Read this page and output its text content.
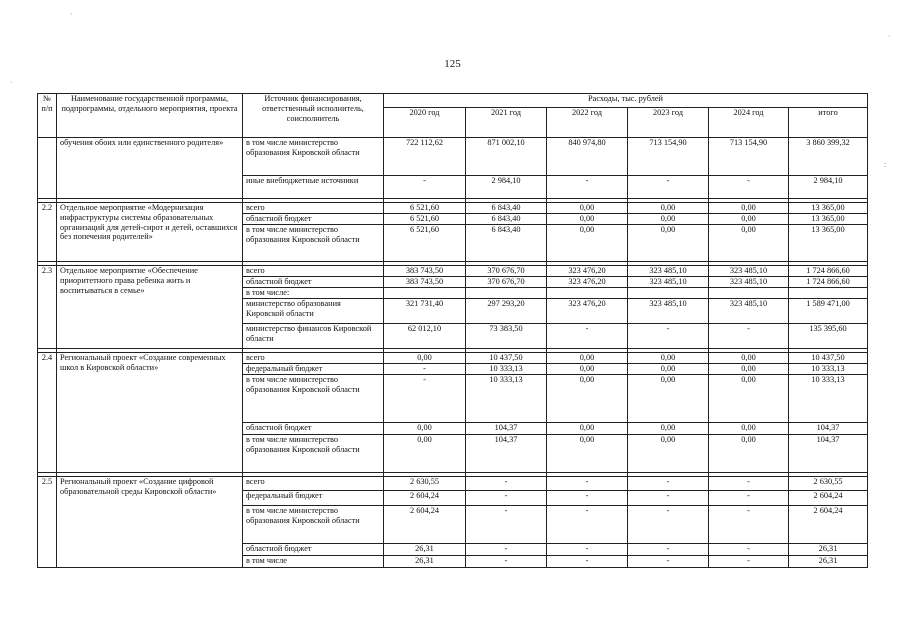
125
№
п/п	Наименование государственной программы, подпрограммы, отдельного мероприятия, проекта	Источник финансирования, ответственный исполнитель, соисполнитель	Расходы, тыс. рублей					
			2020 год	2021 год	2022 год	2023 год	2024 год	итого
	обучения обоих или единственного родителя»	в том числе министерство образования Кировской области	722 112,62	871 002,10	840 974,80	713 154,90	713 154,90	3 860 399,32
		иные внебюджетные источники	-	2 984,10	-	-	-	2 984,10

2.2	Отдельное мероприятие «Модернизация инфраструктуры системы образовательных организаций для детей-сирот и детей, оставшихся без попечения родителей»	всего	6 521,60	6 843,40	0,00	0,00	0,00	13 365,00
		областной бюджет	6 521,60	6 843,40	0,00	0,00	0,00	13 365,00
		в том числе министерство образования Кировской области	6 521,60	6 843,40	0,00	0,00	0,00	13 365,00

2.3	Отдельное мероприятие «Обеспечение приоритетного права ребенка жить и воспитываться в семье»	всего	383 743,50	370 676,70	323 476,20	323 485,10	323 485,10	1 724 866,60
		областной бюджет	383 743,50	370 676,70	323 476,20	323 485,10	323 485,10	1 724 866,60
		в том числе:						
		министерство образования Кировской области	321 731,40	297 293,20	323 476,20	323 485,10	323 485,10	1 589 471,00
		министерство финансов Кировской области	62 012,10	73 383,50	-	-	-	135 395,60

2.4	Региональный проект «Создание современных школ в Кировской области»	всего	0,00	10 437,50	0,00	0,00	0,00	10 437,50
		федеральный бюджет	-	10 333,13	0,00	0,00	0,00	10 333,13
		в том числе министерство образования Кировской области	-	10 333,13	0,00	0,00	0,00	10 333,13
		областной бюджет	0,00	104,37	0,00	0,00	0,00	104,37
		в том числе министерство образования Кировской области	0,00	104,37	0,00	0,00	0,00	104,37

2.5	Региональный проект «Создание цифровой образовательной среды Кировской области»	всего	2 630,55	-	-	-	-	2 630,55
		федеральный бюджет	2 604,24	-	-	-	-	2 604,24
		в том числе министерство образования Кировской области	2 604,24	-	-	-	-	2 604,24
		областной бюджет	26,31	-	-	-	-	26,31
		в том числе	26,31	-	-	-	-	26,31
·
·
:
·
